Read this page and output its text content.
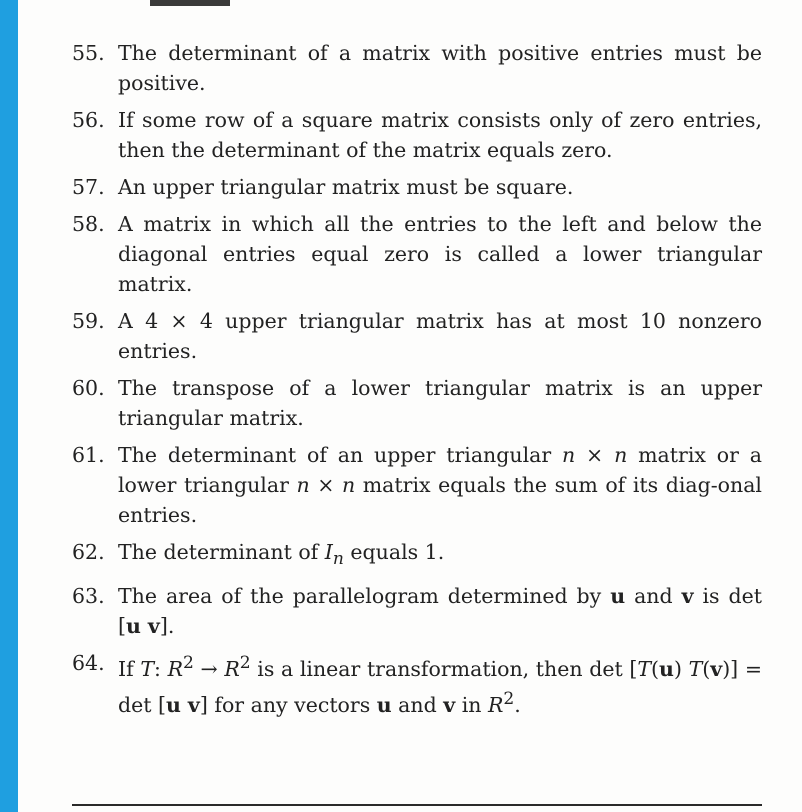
55. The determinant of a matrix with positive entries must be positive.
56. If some row of a square matrix consists only of zero entries, then the determinant of the matrix equals zero.
57. An upper triangular matrix must be square.
58. A matrix in which all the entries to the left and below the diagonal entries equal zero is called a lower triangular matrix.
59. A 4 × 4 upper triangular matrix has at most 10 nonzero entries.
60. The transpose of a lower triangular matrix is an upper triangular matrix.
61. The determinant of an upper triangular n × n matrix or a lower triangular n × n matrix equals the sum of its diag-onal entries.
62. The determinant of $I_n$ equals 1.
63. The area of the parallelogram determined by u and v is det [u v].
64. If T: $R^2 \to R^2$ is a linear transformation, then det [T(u) T(v)] = det [u v] for any vectors u and v in $R^2$.
